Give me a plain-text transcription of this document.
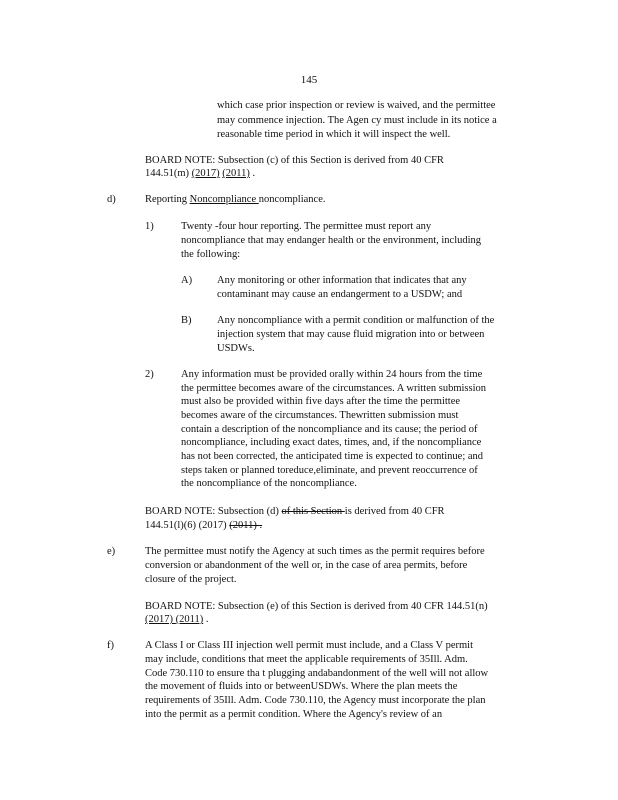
145
which case prior inspection or review is waived, and the permittee
may commence injection. The Agen cy must include in its notice a
reasonable time period in which it will inspect the well.
BOARD NOTE: Subsection (c) of this Section is derived from 40 CFR
144.51(m) (2017) (2011) .
d)	Reporting Noncompliance noncompliance.
1)	Twenty -four hour reporting. The permittee must report any
noncompliance that may endanger health or the environment, including
the following:
A) Any monitoring or other information that indicates that any
contaminant may cause an endangerment to a USDW; and
B) Any noncompliance with a permit condition or malfunction of the
injection system that may cause fluid migration into or between
USDWs.
2)	Any information must be provided orally within 24 hours from the time
the permittee becomes aware of the circumstances. A written submission
must also be provided within five days after the time the permittee
becomes aware of the circumstances. Thewritten submission must
contain a description of the noncompliance and its cause; the period of
noncompliance, including exact dates, times, and, if the noncompliance
has not been corrected, the anticipated time is expected to continue; and
steps taken or planned toreduce,eliminate, and prevent reoccurrence of
the noncompliance of the noncompliance.
BOARD NOTE: Subsection (d) of this Section is derived from 40 CFR
144.51(l)(6) (2017) (2011) .
e)	The permittee must notify the Agency at such times as the permit requires before
conversion or abandonment of the well or, in the case of area permits, before
closure of the project.
BOARD NOTE: Subsection (e) of this Section is derived from 40 CFR 144.51(n)
(2017) (2011) .
f)	A Class I or Class III injection well permit must include, and a Class V permit
may include, conditions that meet the applicable requirements of 35Ill. Adm.
Code 730.110 to ensure tha t plugging andabandonment of the well will not allow
the movement of fluids into or betweenUSDWs. Where the plan meets the
requirements of 35Ill. Adm. Code 730.110, the Agency must incorporate the plan
into the permit as a permit condition. Where the Agency's review of an
